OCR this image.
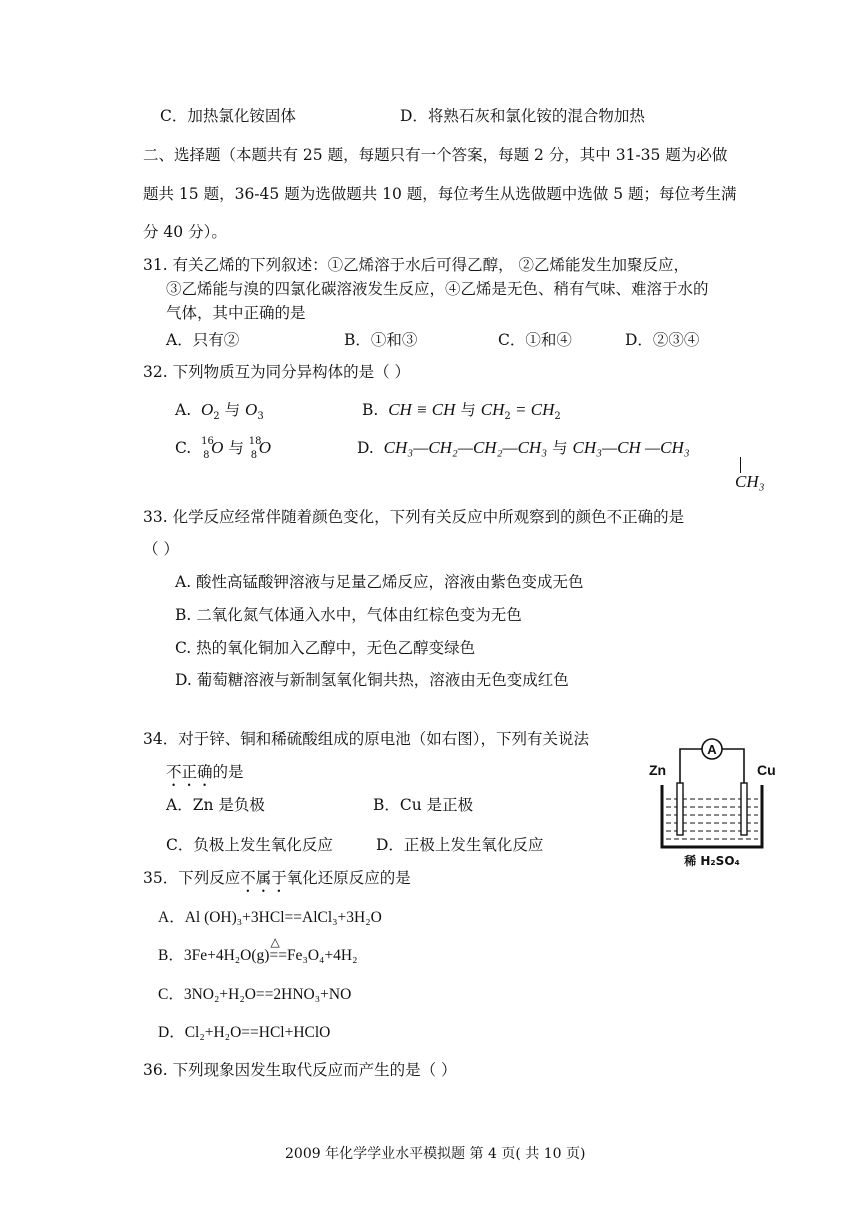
C．加热氯化铵固体	D．将熟石灰和氯化铵的混合物加热
二、选择题（本题共有 25 题，每题只有一个答案，每题 2 分，其中 31-35 题为必做
题共 15 题，36-45 题为选做题共 10 题，每位考生从选做题中选做 5 题；每位考生满
分 40 分）。
31. 有关乙烯的下列叙述：①乙烯溶于水后可得乙醇， ②乙烯能发生加聚反应，
③乙烯能与溴的四氯化碳溶液发生反应，④乙烯是无色、稍有气味、难溶于水的
气体，其中正确的是
A．只有②	B．①和③	C．①和④	D．②③④
32. 下列物质互为同分异构体的是（ ）
A. $O_2$ 与 $O_3$	B. CH ≡ CH 与 $CH_2 = CH_2$
C. 16
8 O 与 18
8 O	D. CH₃—CH₂—CH₂—CH₃ 与 CH₃—CH —CH₃
CH₃
33. 化学反应经常伴随着颜色变化，下列有关反应中所观察到的颜色不正确的是
（ ）
A. 酸性高锰酸钾溶液与足量乙烯反应，溶液由紫色变成无色
B. 二氧化氮气体通入水中，气体由红棕色变为无色
C. 热的氧化铜加入乙醇中，无色乙醇变绿色
D. 葡萄糖溶液与新制氢氧化铜共热，溶液由无色变成红色
34．对于锌、铜和稀硫酸组成的原电池（如右图），下列有关说法
不正确的是
A．Zn 是负极	B．Cu 是正极
C．负极上发生氧化反应	D．正极上发生氧化反应
A
Zn	Cu
稀 H₂SO₄
35．下列反应不属于氧化还原反应的是
A．Al (OH)₃+3HCl==AlCl₃+3H₂O
B．3Fe+4H₂O(g)
△
==Fe₃O₄+4H₂
C．3NO₂+H₂O==2HNO₃+NO
D．Cl₂+H₂O==HCl+HClO
36. 下列现象因发生取代反应而产生的是（ ）
2009 年化学学业水平模拟题 第 4 页( 共 10 页)
